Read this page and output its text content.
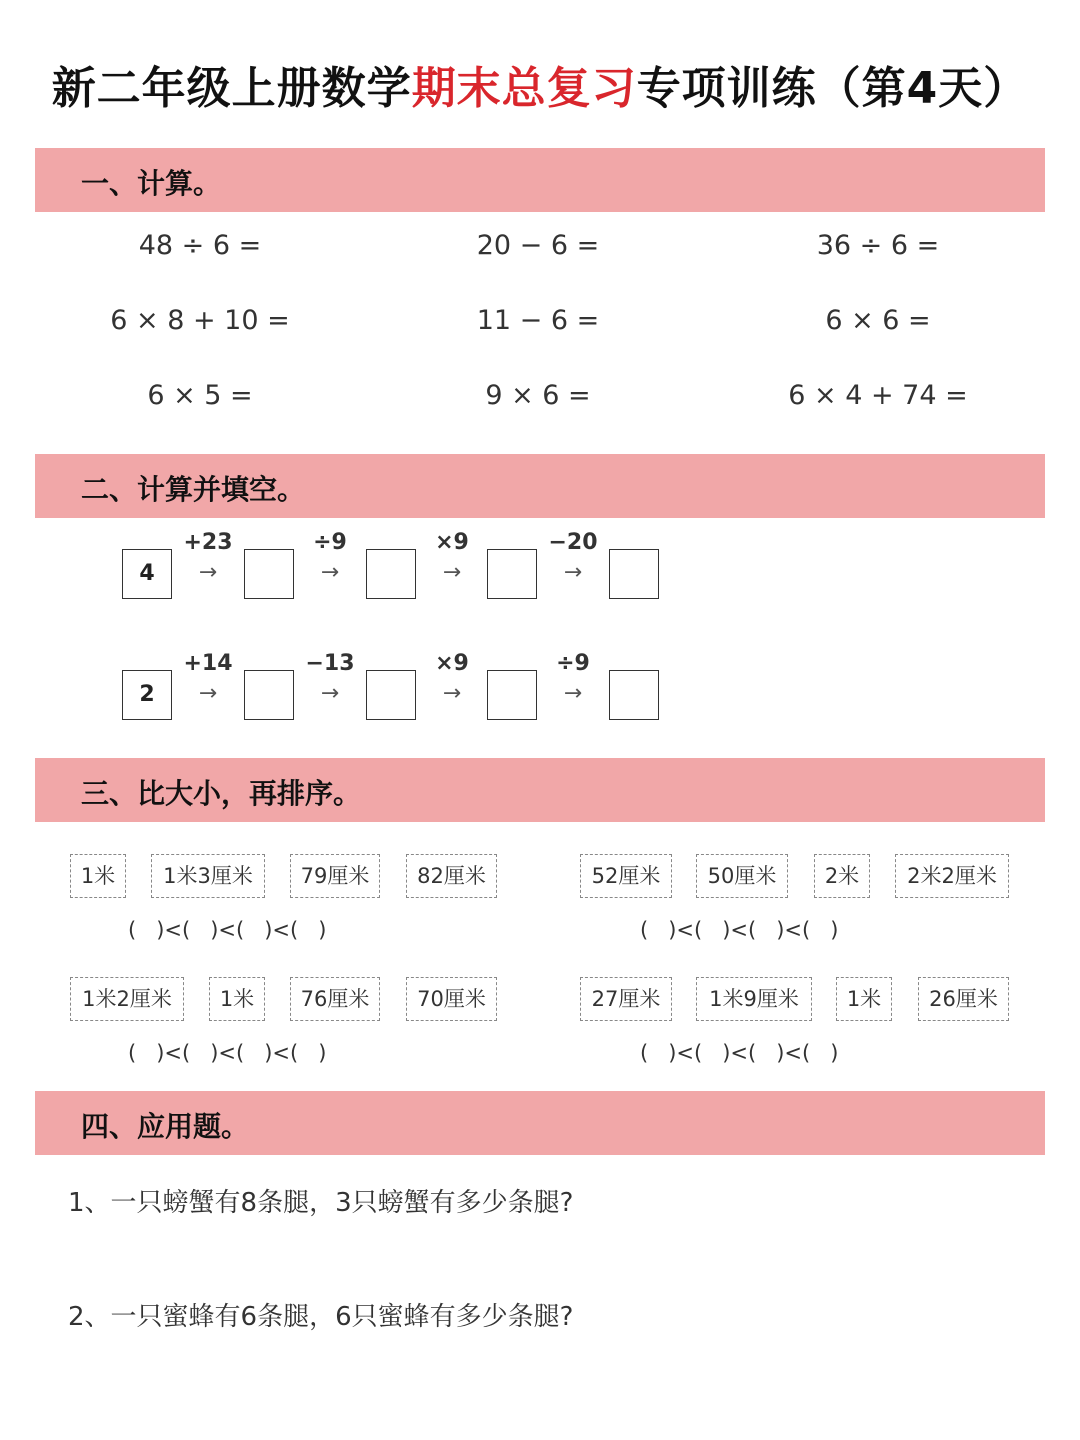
新二年级上册数学期末总复习专项训练（第4天）
一、计算。
48 ÷ 6 =	20 − 6 =	36 ÷ 6 =
6 × 8 + 10 =	11 − 6 =	6 × 6 =
6 × 5 =	9 × 6 =	6 × 4 + 74 =
二、计算并填空。
4
+23
→
÷9
→
×9
→
−20
→
2
+14
→
−13
→
×9
→
÷9
→
三、比大小，再排序。
1米	1米3厘米	79厘米	82厘米
(   )<(   )<(   )<(   )
52厘米	50厘米	2米	2米2厘米
(   )<(   )<(   )<(   )
1米2厘米	1米	76厘米	70厘米
(   )<(   )<(   )<(   )
27厘米	1米9厘米	1米	26厘米
(   )<(   )<(   )<(   )
四、应用题。
1、一只螃蟹有8条腿，3只螃蟹有多少条腿?
2、一只蜜蜂有6条腿，6只蜜蜂有多少条腿?
